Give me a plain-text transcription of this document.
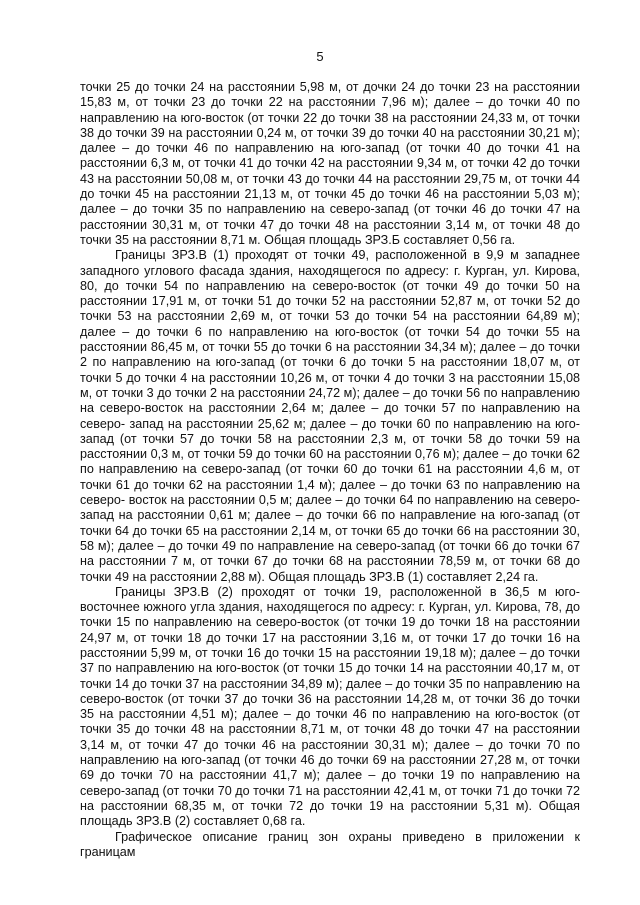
5

точки 25 до точки 24 на расстоянии 5,98 м, от дочки 24 до точки 23 на расстоянии 15,83 м, от точки 23 до точки 22 на расстоянии 7,96 м); далее – до точки 40 по направлению на юго-восток (от точки 22 до точки 38 на расстоянии 24,33 м, от точки 38 до точки 39 на расстоянии 0,24 м, от точки 39 до точки 40 на расстоянии 30,21 м); далее – до точки 46 по направлению на юго-запад (от точки 40 до точки 41 на расстоянии 6,3 м, от точки 41 до точки 42 на расстоянии 9,34 м, от точки 42 до точки 43 на расстоянии 50,08 м, от точки 43 до точки 44 на расстоянии 29,75 м, от точки 44 до точки 45 на расстоянии 21,13 м, от точки 45 до точки 46 на расстоянии 5,03 м); далее – до точки 35 по направлению на северо-запад (от точки 46 до точки 47 на расстоянии 30,31 м, от точки 47 до точки 48 на расстоянии 3,14 м, от точки 48 до точки 35 на расстоянии 8,71 м. Общая площадь ЗРЗ.Б составляет 0,56 га.

Границы ЗРЗ.В (1) проходят от точки 49, расположенной в 9,9 м западнее западного углового фасада здания, находящегося по адресу: г. Курган, ул. Кирова, 80, до точки 54 по направлению на северо-восток (от точки 49 до точки 50 на расстоянии 17,91 м, от точки 51 до точки 52 на расстоянии 52,87 м, от точки 52 до точки 53 на расстоянии 2,69 м, от точки 53 до точки 54 на расстоянии 64,89 м); далее – до точки 6 по направлению на юго-восток (от точки 54 до точки 55 на расстоянии 86,45 м, от точки 55 до точки 6 на расстоянии 34,34 м); далее – до точки 2 по направлению на юго-запад (от точки 6 до точки 5 на расстоянии 18,07 м, от точки 5 до точки 4 на расстоянии 10,26 м, от точки 4 до точки 3 на расстоянии 15,08 м, от точки 3 до точки 2 на расстоянии 24,72 м); далее – до точки 56 по направлению на северо-восток на расстоянии 2,64 м; далее – до точки 57 по направлению на северо- запад на расстоянии 25,62 м; далее – до точки 60 по направлению на юго-запад (от точки 57 до точки 58 на расстоянии 2,3 м, от точки 58 до точки 59 на расстоянии 0,3 м, от точки 59 до точки 60 на расстоянии 0,76 м); далее – до точки 62 по направлению на северо-запад (от точки 60 до точки 61 на расстоянии 4,6 м, от точки 61 до точки 62 на расстоянии 1,4 м); далее – до точки 63 по направлению на северо- восток на расстоянии 0,5 м; далее – до точки 64 по направлению на северо-запад на расстоянии 0,61 м; далее – до точки 66 по направление на юго-запад (от точки 64 до точки 65 на расстоянии 2,14 м, от точки 65 до точки 66 на расстоянии 30, 58 м); далее – до точки 49 по направление на северо-запад (от точки 66 до точки 67 на расстоянии 7 м, от точки 67 до точки 68 на расстоянии 78,59 м, от точки 68 до точки 49 на расстоянии 2,88 м). Общая площадь ЗРЗ.В (1) составляет 2,24 га.

Границы ЗРЗ.В (2) проходят от точки 19, расположенной в 36,5 м юго-восточнее южного угла здания, находящегося по адресу: г. Курган, ул. Кирова, 78, до точки 15 по направлению на северо-восток (от точки 19 до точки 18 на расстоянии 24,97 м, от точки 18 до точки 17 на расстоянии 3,16 м, от точки 17 до точки 16 на расстоянии 5,99 м, от точки 16 до точки 15 на расстоянии 19,18 м); далее – до точки 37 по направлению на юго-восток (от точки 15 до точки 14 на расстоянии 40,17 м, от точки 14 до точки 37 на расстоянии 34,89 м); далее – до точки 35 по направлению на северо-восток (от точки 37 до точки 36 на расстоянии 14,28 м, от точки 36 до точки 35 на расстоянии 4,51 м); далее – до точки 46 по направлению на юго-восток (от точки 35 до точки 48 на расстоянии 8,71 м, от точки 48 до точки 47 на расстоянии 3,14 м, от точки 47 до точки 46 на расстоянии 30,31 м); далее – до точки 70 по направлению на юго-запад (от точки 46 до точки 69 на расстоянии 27,28 м, от точки 69 до точки 70 на расстоянии 41,7 м); далее – до точки 19 по направлению на северо-запад (от точки 70 до точки 71 на расстоянии 42,41 м, от точки 71 до точки 72 на расстоянии 68,35 м, от точки 72 до точки 19 на расстоянии 5,31 м). Общая площадь ЗРЗ.В (2) составляет 0,68 га.

Графическое описание границ зон охраны приведено в приложении к границам
